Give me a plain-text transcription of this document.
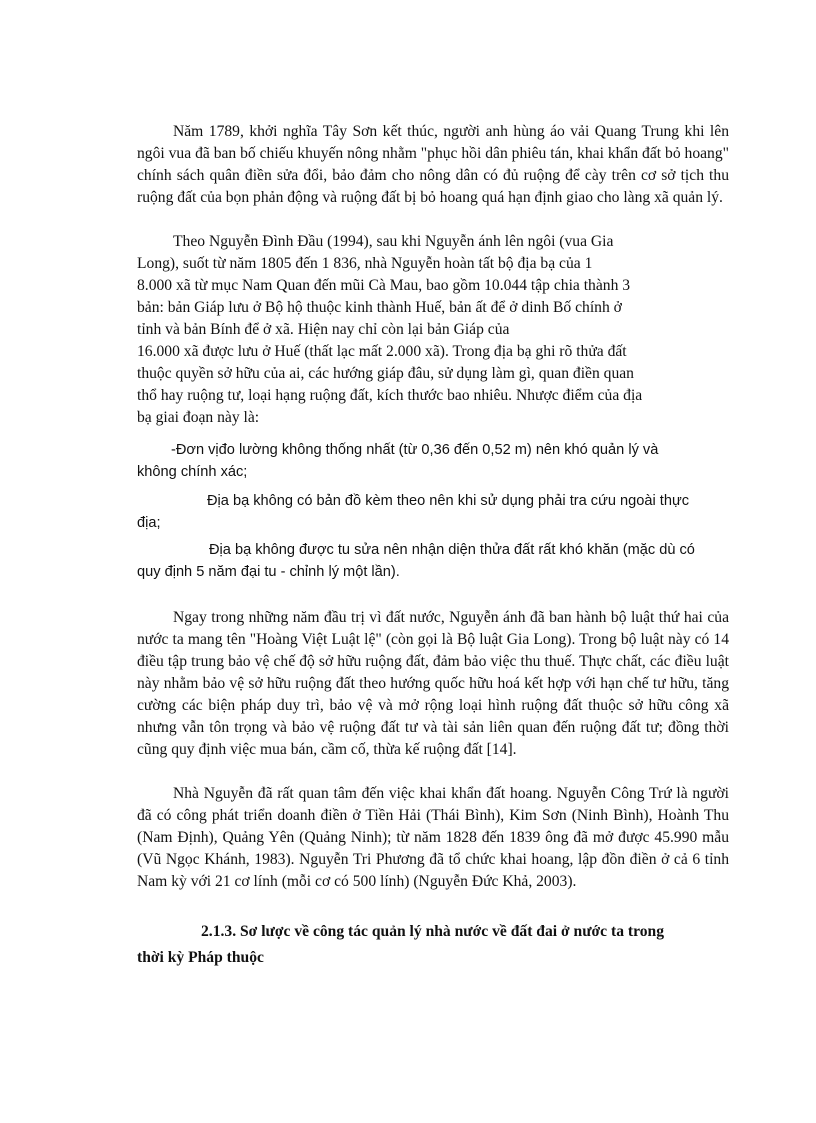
Năm 1789, khởi nghĩa Tây Sơn kết thúc, người anh hùng áo vải Quang Trung khi lên ngôi vua đã ban bố chiếu khuyến nông nhằm "phục hồi dân phiêu tán, khai khẩn đất bỏ hoang" chính sách quân điền sửa đổi, bảo đảm cho nông dân có đủ ruộng để cày trên cơ sở tịch thu ruộng đất của bọn phản động và ruộng đất bị bỏ hoang quá hạn định giao cho làng xã quản lý.

Theo Nguyễn Đình Đầu (1994), sau khi Nguyễn ánh lên ngôi (vua Gia
Long), suốt từ năm 1805 đến 1 836, nhà Nguyễn hoàn tất bộ địa bạ của 1
8.000 xã từ mục Nam Quan đến mũi Cà Mau, bao gồm 10.044 tập chia thành 3
bản: bản Giáp lưu ở Bộ hộ thuộc kinh thành Huế, bản ất để ở dinh Bố chính ở
tỉnh và bản Bính để ở xã. Hiện nay chỉ còn lại bản Giáp của
16.000 xã được lưu ở Huế (thất lạc mất 2.000 xã). Trong địa bạ ghi rõ thửa đất
thuộc quyền sở hữu của ai, các hướng giáp đâu, sử dụng làm gì, quan điền quan
thổ hay ruộng tư, loại hạng ruộng đất, kích thước bao nhiêu. Nhược điểm của địa
bạ giai đoạn này là:
-Đơn vịđo lường không thống nhất (từ 0,36 đến 0,52 m) nên khó quản lý và
không chính xác;
Địa bạ không có bản đồ kèm theo nên khi sử dụng phải tra cứu ngoài thực
địa;
Địa bạ không được tu sửa nên nhận diện thửa đất rất khó khăn (mặc dù có
quy định 5 năm đại tu - chỉnh lý một lần).

Ngay trong những năm đầu trị vì đất nước, Nguyễn ánh đã ban hành bộ luật thứ hai của nước ta mang tên "Hoàng Việt Luật lệ" (còn gọi là Bộ luật Gia Long). Trong bộ luật này có 14 điều tập trung bảo vệ chế độ sở hữu ruộng đất, đảm bảo việc thu thuế. Thực chất, các điều luật này nhằm bảo vệ sở hữu ruộng đất theo hướng quốc hữu hoá kết hợp với hạn chế tư hữu, tăng cường các biện pháp duy trì, bảo vệ và mở rộng loại hình ruộng đất thuộc sở hữu công xã nhưng vẫn tôn trọng và bảo vệ ruộng đất tư và tài sản liên quan đến ruộng đất tư; đồng thời cũng quy định việc mua bán, cầm cố, thừa kế ruộng đất [14].

Nhà Nguyễn đã rất quan tâm đến việc khai khẩn đất hoang. Nguyễn Công Trứ là người đã có công phát triển doanh điền ở Tiền Hải (Thái Bình), Kim Sơn (Ninh Bình), Hoành Thu (Nam Định), Quảng Yên (Quảng Ninh); từ năm 1828 đến 1839 ông đã mở được 45.990 mẫu (Vũ Ngọc Khánh, 1983). Nguyễn Tri Phương đã tổ chức khai hoang, lập đồn điền ở cả 6 tỉnh Nam kỳ với 21 cơ lính (mỗi cơ có 500 lính) (Nguyễn Đức Khả, 2003).

2.1.3. Sơ lược về công tác quản lý nhà nước về đất đai ở nước ta trong
thời kỳ Pháp thuộc
